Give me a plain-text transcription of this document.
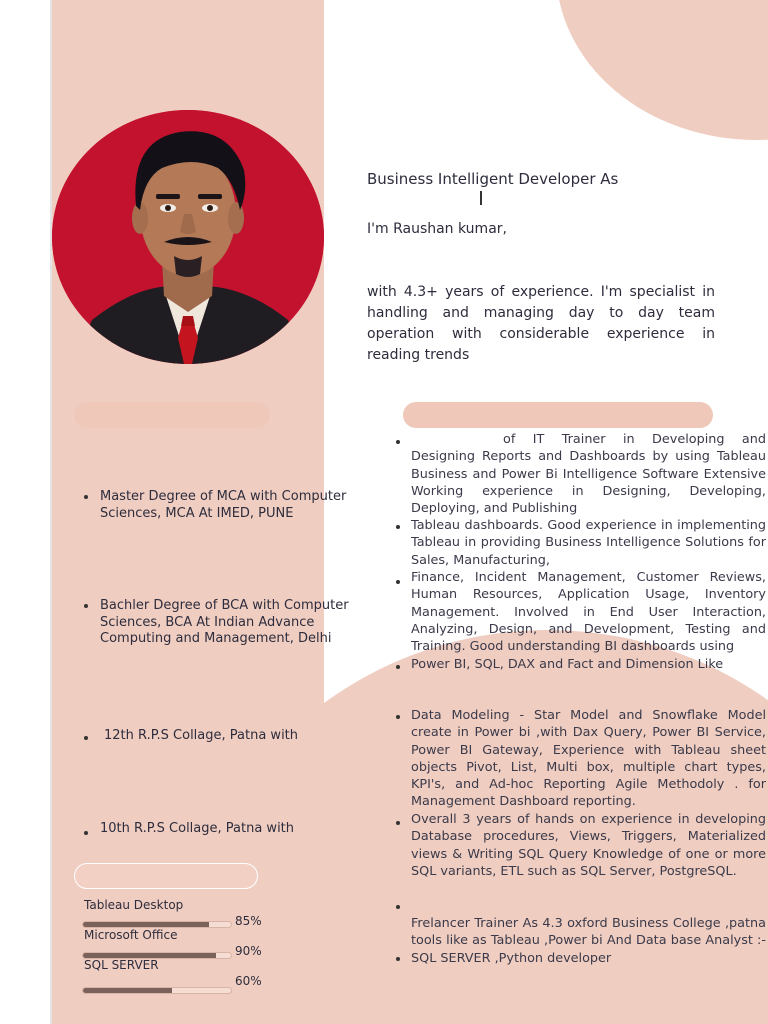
Business Intelligent Developer As
I'm Raushan kumar,
with 4.3+ years of experience. I'm specialist in handling and managing day to day team operation with considerable experience in reading trends
Master Degree of MCA with Computer Sciences, MCA At IMED, PUNE
Bachler Degree of BCA with Computer Sciences, BCA At Indian Advance Computing and Management, Delhi
12th R.P.S Collage, Patna with
10th R.P.S Collage, Patna with
of IT Trainer in Developing and Designing Reports and Dashboards by using Tableau Business and Power Bi Intelligence Software Extensive Working experience in Designing, Developing, Deploying, and Publishing
Tableau dashboards. Good experience in implementing Tableau in providing Business Intelligence Solutions for Sales, Manufacturing,
Finance, Incident Management, Customer Reviews, Human Resources, Application Usage, Inventory Management. Involved in End User Interaction, Analyzing, Design, and Development, Testing and Training. Good understanding BI dashboards using
Power BI, SQL, DAX and Fact and Dimension Like
Data Modeling - Star Model and Snowflake Model create in Power bi ,with Dax Query, Power BI Service, Power BI Gateway, Experience with Tableau sheet objects Pivot, List, Multi box, multiple chart types, KPI's, and Ad-hoc Reporting Agile Methodoly . for Management Dashboard reporting.
Overall 3 years of hands on experience in developing Database procedures, Views, Triggers, Materialized views & Writing SQL Query Knowledge of one or more SQL variants, ETL such as SQL Server, PostgreSQL.
Frelancer Trainer As 4.3 oxford Business College ,patna tools like as Tableau ,Power bi And Data base Analyst :- SQL SERVER ,Python developer
Tableau Desktop
85%
Microsoft Office
90%
SQL SERVER
60%
